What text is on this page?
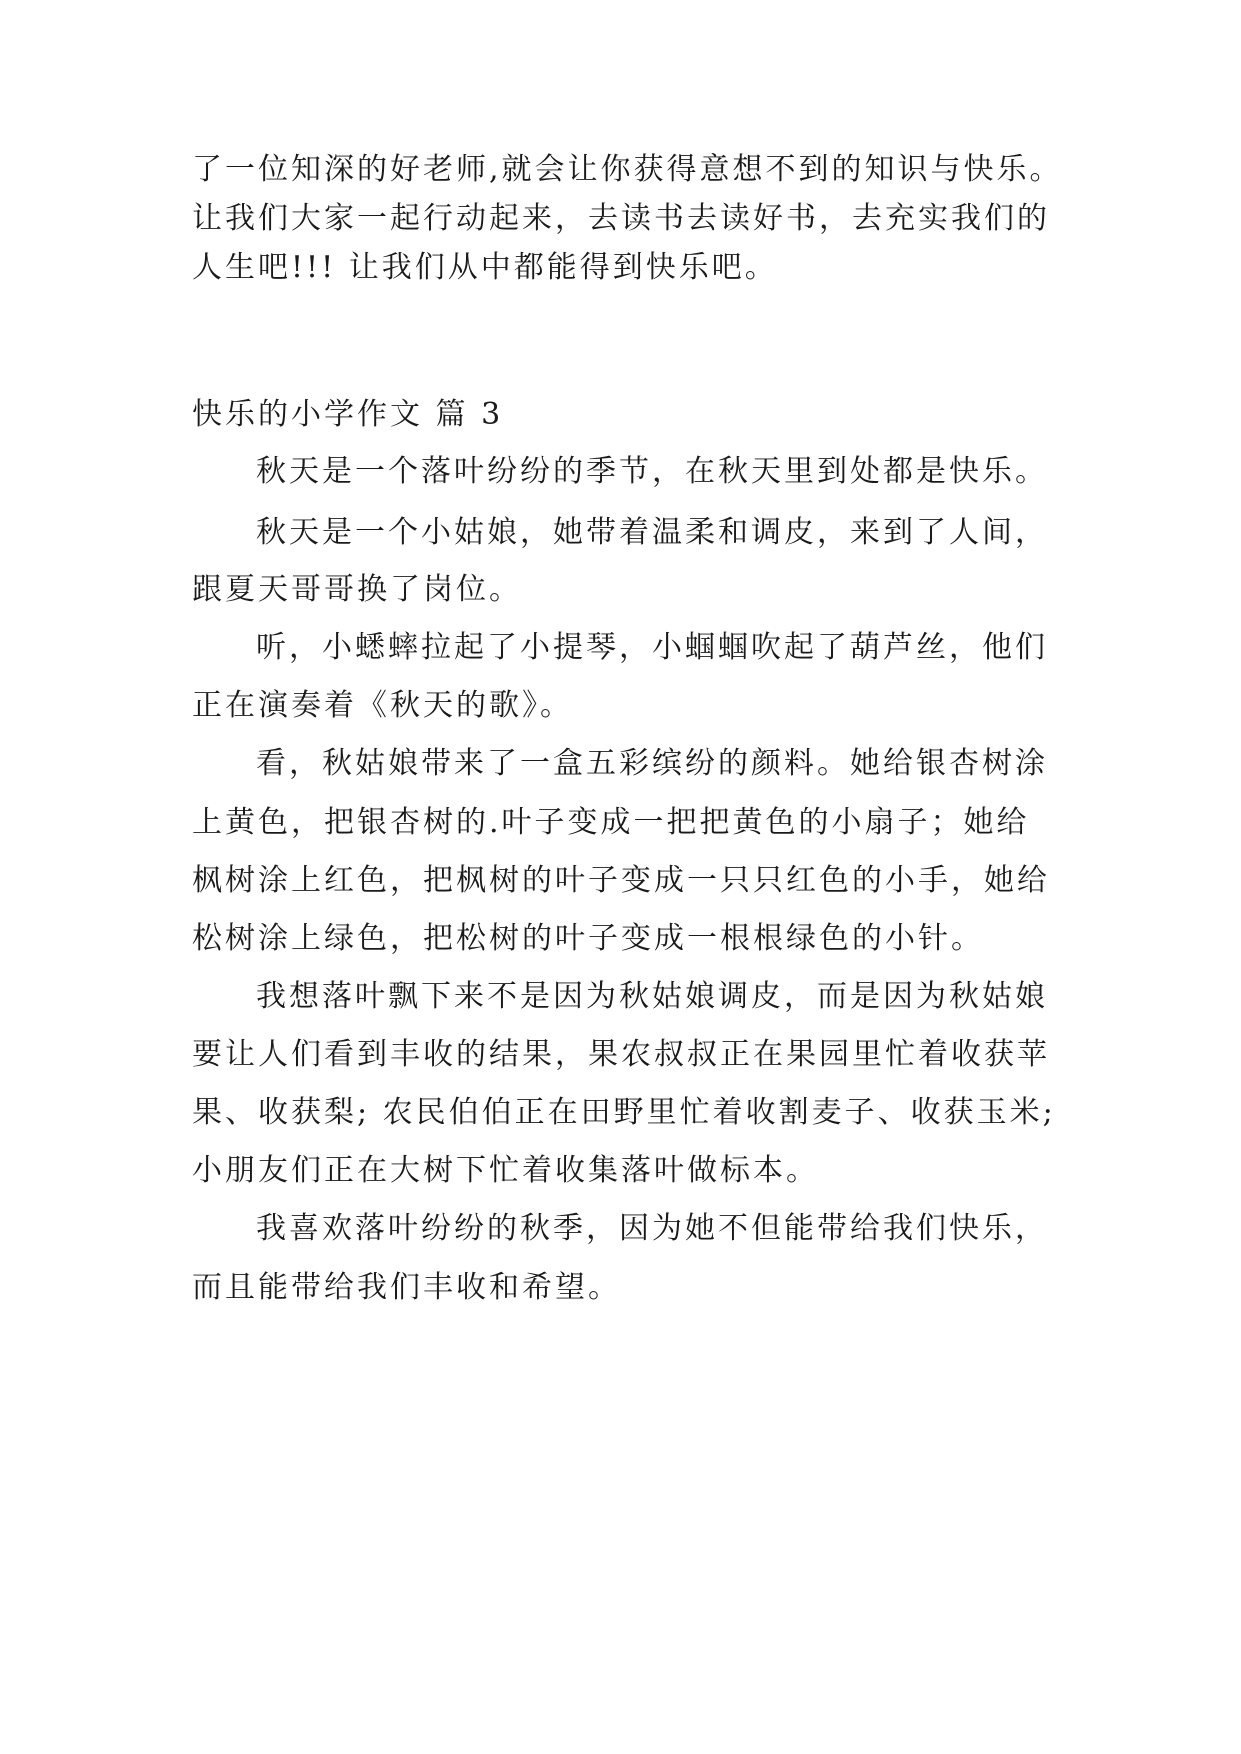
了一位知深的好老师,就会让你获得意想不到的知识与快乐。
让我们大家一起行动起来，去读书去读好书，去充实我们的
人生吧!!! 让我们从中都能得到快乐吧。
快乐的小学作文 篇 3
秋天是一个落叶纷纷的季节，在秋天里到处都是快乐。
秋天是一个小姑娘，她带着温柔和调皮，来到了人间，
跟夏天哥哥换了岗位。
听，小蟋蟀拉起了小提琴，小蝈蝈吹起了葫芦丝，他们
正在演奏着《秋天的歌》。
看，秋姑娘带来了一盒五彩缤纷的颜料。她给银杏树涂
上黄色，把银杏树的.叶子变成一把把黄色的小扇子；她给
枫树涂上红色，把枫树的叶子变成一只只红色的小手，她给
松树涂上绿色，把松树的叶子变成一根根绿色的小针。
我想落叶飘下来不是因为秋姑娘调皮，而是因为秋姑娘
要让人们看到丰收的结果，果农叔叔正在果园里忙着收获苹
果、收获梨; 农民伯伯正在田野里忙着收割麦子、收获玉米;
小朋友们正在大树下忙着收集落叶做标本。
我喜欢落叶纷纷的秋季，因为她不但能带给我们快乐，
而且能带给我们丰收和希望。
